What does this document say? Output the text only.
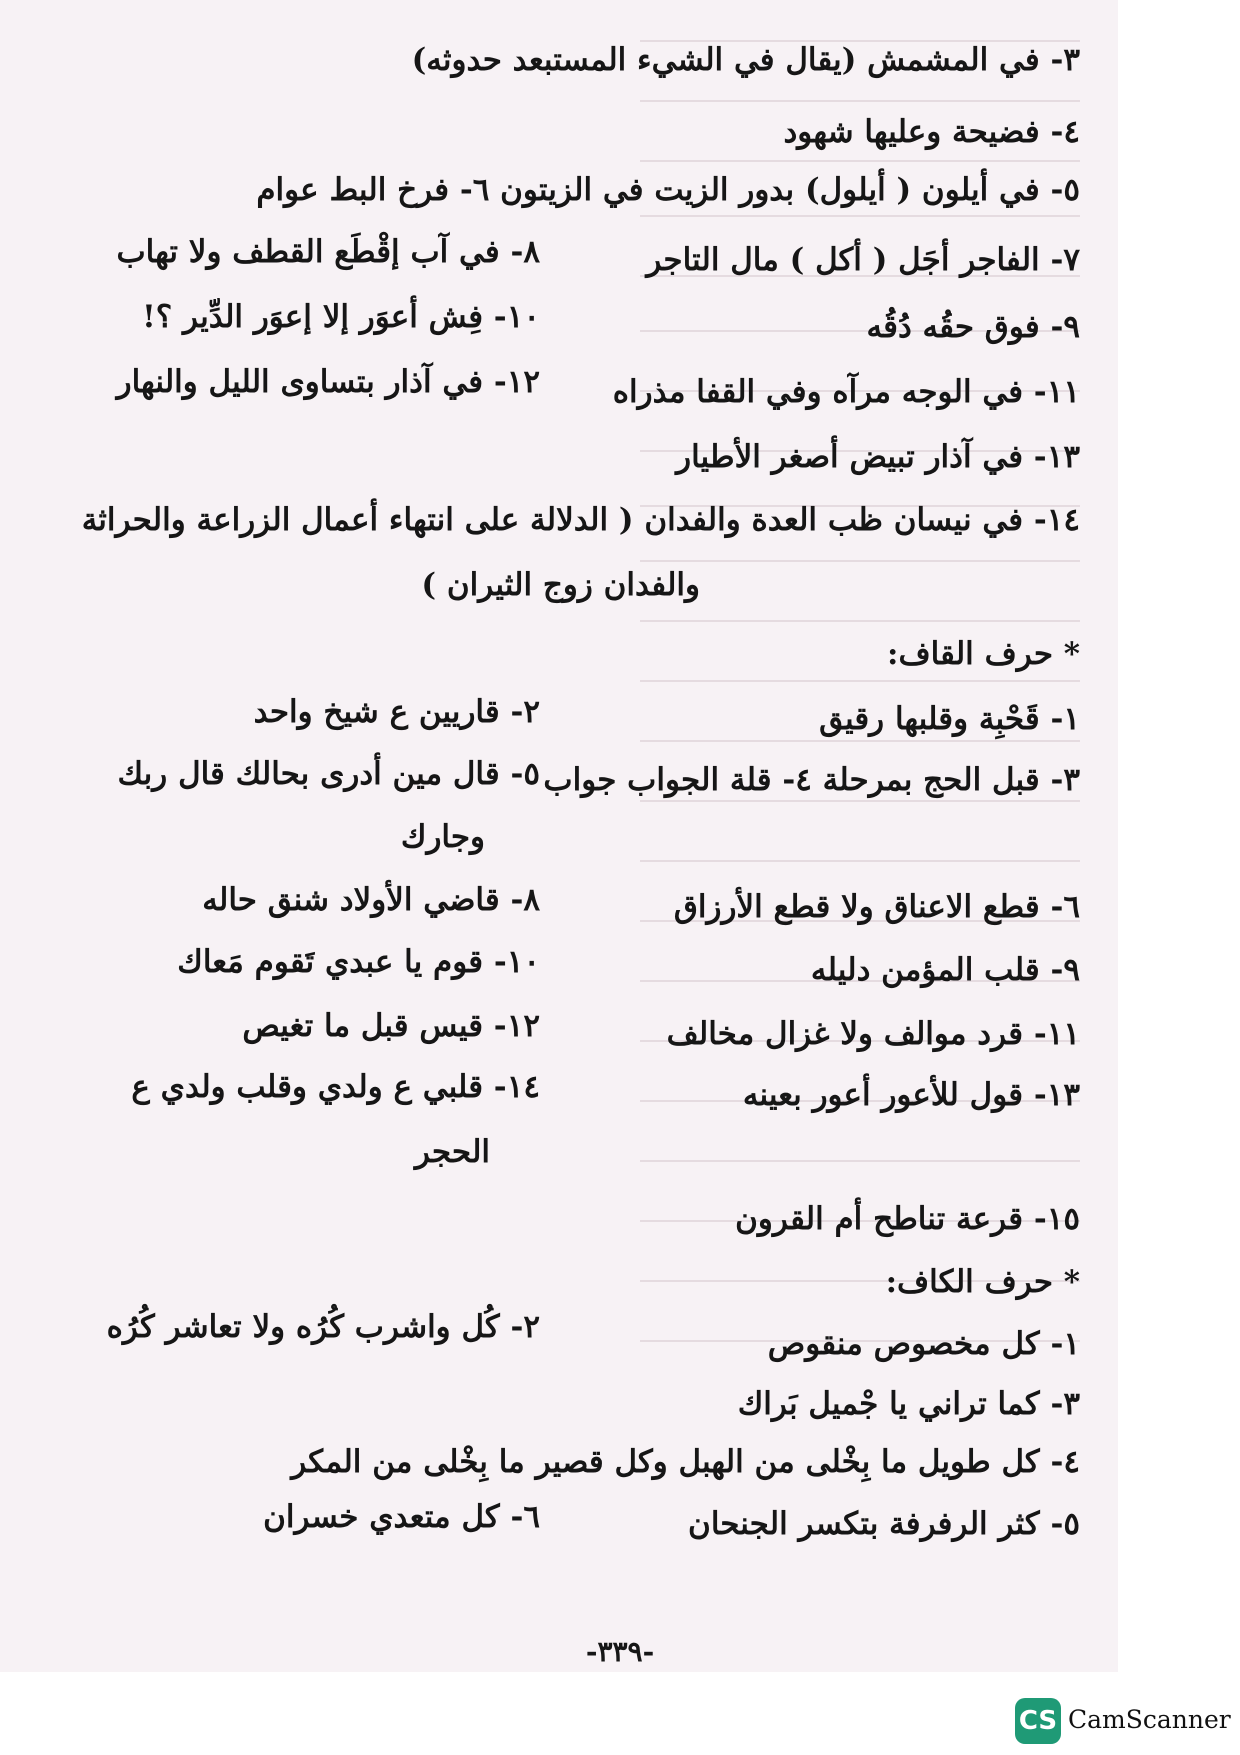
٣- في المشمش (يقال في الشيء المستبعد حدوثه)
٤- فضيحة وعليها شهود
٥- في أيلون ( أيلول) بدور الزيت في الزيتون ٦- فرخ البط عوام
٧- الفاجر أجَل ( أكل ) مال التاجر
٨- في آب إقْطَع القطف ولا تهاب
٩- فوق حقُه دُقُه
١٠- فِش أعوَر إلا إعوَر الدِّير ؟!
١١- في الوجه مرآه وفي القفا مذراه
١٢- في آذار بتساوى الليل والنهار
١٣- في آذار تبيض أصغر الأطيار
١٤- في نيسان ظب العدة والفدان ( الدلالة على انتهاء أعمال الزراعة والحراثة
والفدان زوج الثيران )
* حرف القاف:
١- قَحْبِة وقلبها رقيق
٢- قاريين ع شيخ واحد
٣- قبل الحج بمرحلة ٤- قلة الجواب جواب
٥- قال مين أدرى بحالك قال ربك
وجارك
٦- قطع الاعناق ولا قطع الأرزاق
٨- قاضي الأولاد شنق حاله
٩- قلب المؤمن دليله
١٠- قوم يا عبدي تَقوم مَعاك
١١- قرد موالف ولا غزال مخالف
١٢- قيس قبل ما تغيص
١٣- قول للأعور أعور بعينه
١٤- قلبي ع ولدي وقلب ولدي ع
الحجر
١٥- قرعة تناطح أم القرون
* حرف الكاف:
١- كل مخصوص منقوص
٢- كُل واشرب كُرُه ولا تعاشر كُرُه
٣- كما تراني يا جْميل بَراك
٤- كل طويل ما بِخْلى من الهبل وكل قصير ما بِخْلى من المكر
٥- كثر الرفرفة بتكسر الجنحان
٦- كل متعدي خسران
-٣٣٩-
CS CamScanner
